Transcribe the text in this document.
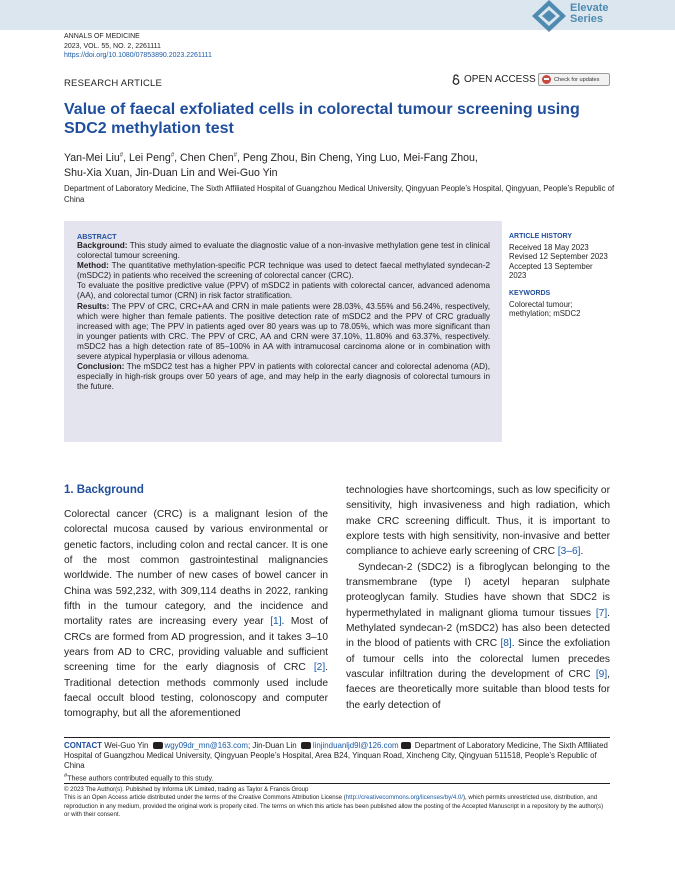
Elevate
Series
ANNALS OF MEDICINE
2023, VOL. 55, NO. 2, 2261111
https://doi.org/10.1080/07853890.2023.2261111
RESEARCH ARTICLE	OPEN ACCESS	Check for updates
Value of faecal exfoliated cells in colorectal tumour screening using SDC2 methylation test
Yan-Mei Liu#, Lei Peng#, Chen Chen#, Peng Zhou, Bin Cheng, Ying Luo, Mei-Fang Zhou,
Shu-Xia Xuan, Jin-Duan Lin and Wei-Guo Yin
Department of Laboratory Medicine, The Sixth Affiliated Hospital of Guangzhou Medical University, Qingyuan People’s Hospital, Qingyuan, People’s Republic of China
ABSTRACT

Background: This study aimed to evaluate the diagnostic value of a non-invasive methylation gene test in clinical colorectal tumour screening.

Method: The quantitative methylation-specific PCR technique was used to detect faecal methylated syndecan-2 (mSDC2) in patients who received the screening of colorectal cancer (CRC).

To evaluate the positive predictive value (PPV) of mSDC2 in patients with colorectal cancer, advanced adenoma (AA), and colorectal tumor (CRN) in risk factor stratification.

Results: The PPV of CRC, CRC+AA and CRN in male patients were 28.03%, 43.55% and 56.24%, respectively, which were higher than female patients. The positive detection rate of mSDC2 and the PPV of CRC gradually increased with age; The PPV in patients aged over 80 years was up to 78.05%, which was more significant than in younger patients with CRC. The PPV of CRC, AA and CRN were 37.10%, 11.80% and 63.37%, respectively. mSDC2 has a high detection rate of 85–100% in AA with intramucosal carcinoma alone or in combination with severe atypical hyperplasia or villous adenoma.

Conclusion: The mSDC2 test has a higher PPV in patients with colorectal cancer and colorectal adenoma (AD), especially in high-risk groups over 50 years of age, and may help in the early diagnosis of colorectal tumours in the future.

ARTICLE HISTORY
Received 18 May 2023
Revised 12 September 2023
Accepted 13 September 2023
KEYWORDS
Colorectal tumour; methylation; mSDC2
1. Background

Colorectal cancer (CRC) is a malignant lesion of the colorectal mucosa caused by various environmental or genetic factors, including colon and rectal cancer. It is one of the most common gastrointestinal malignancies worldwide. The number of new cases of bowel cancer in China was 592,232, with 309,114 deaths in 2022, ranking fifth in the tumour category, and the incidence and mortality rates are increasing every year [1]. Most of CRCs are formed from AD progression, and it takes 3–10 years from AD to CRC, providing valuable and sufficient screening time for the early diagnosis of CRC [2]. Traditional detection methods commonly used include faecal occult blood testing, colonoscopy and computer tomography, but all the aforementioned

technologies have shortcomings, such as low specificity or sensitivity, high invasiveness and high radiation, which make CRC screening difficult. Thus, it is important to explore tests with high sensitivity, non-invasive and better compliance to achieve early screening of CRC [3–6].

Syndecan-2 (SDC2) is a fibroglycan belonging to the transmembrane (type I) acetyl heparan sulphate proteoglycan family. Studies have shown that SDC2 is hypermethylated in malignant glioma tumour tissues [7]. Methylated syndecan-2 (mSDC2) has also been detected in the blood of patients with CRC [8]. Since the exfoliation of tumour cells into the colorectal lumen precedes vascular infiltration during the development of CRC [9], faeces are theoretically more suitable than blood tests for the early detection of

CONTACT Wei-Guo Yin wgy09dr_mn@163.com; Jin-Duan Lin linjinduanljd9l@126.com Department of Laboratory Medicine, The Sixth Affiliated Hospital of Guangzhou Medical University, Qingyuan People’s Hospital, Area B24, Yinquan Road, Xincheng City, Qingyuan 511518, People’s Republic of China
#These authors contributed equally to this study.
© 2023 The Author(s). Published by Informa UK Limited, trading as Taylor & Francis Group
This is an Open Access article distributed under the terms of the Creative Commons Attribution License (http://creativecommons.org/licenses/by/4.0/), which permits unrestricted use, distribution, and reproduction in any medium, provided the original work is properly cited. The terms on which this article has been published allow the posting of the Accepted Manuscript in a repository by the author(s) or with their consent.
